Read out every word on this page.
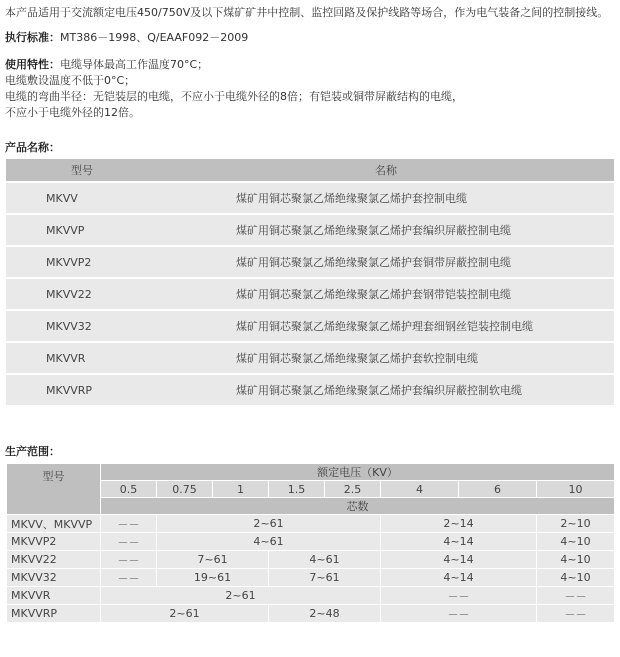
本产品适用于交流额定电压450/750V及以下煤矿矿井中控制、监控回路及保护线路等场合，作为电气装备之间的控制接线。
执行标准：MT386－1998、Q/EAAF092－2009
使用特性：电缆导体最高工作温度70°C；
电缆敷设温度不低于0°C；
电缆的弯曲半径：无铠装层的电缆，不应小于电缆外径的8倍；有铠装或铜带屏蔽结构的电缆，
不应小于电缆外径的12倍。
产品名称：
型号	名称
MKVV	煤矿用铜芯聚氯乙烯绝缘聚氯乙烯护套控制电缆
MKVVP	煤矿用铜芯聚氯乙烯绝缘聚氯乙烯护套编织屏蔽控制电缆
MKVVP2	煤矿用铜芯聚氯乙烯绝缘聚氯乙烯护套铜带屏蔽控制电缆
MKVV22	煤矿用铜芯聚氯乙烯绝缘聚氯乙烯护套钢带铠装控制电缆
MKVV32	煤矿用铜芯聚氯乙烯绝缘聚氯乙烯护理套细钢丝铠装控制电缆
MKVVR	煤矿用铜芯聚氯乙烯绝缘聚氯乙烯护套软控制电缆
MKVVRP	煤矿用铜芯聚氯乙烯绝缘聚氯乙烯护套编织屏蔽控制软电缆
生产范围：
型号	额定电压（KV）							
	0.5	0.75	1	1.5	2.5	4	6	10
	芯数							
MKVV、MKVVP	－－	2~61				2~14		2~10
MKVVP2	－－	4~61				4~14		4~10
MKVV22	－－	7~61		4~61		4~14		4~10
MKVV32	－－	19~61		7~61		4~14		4~10
MKVVR	2~61					－－		－－
MKVVRP	2~61			2~48		－－		－－
